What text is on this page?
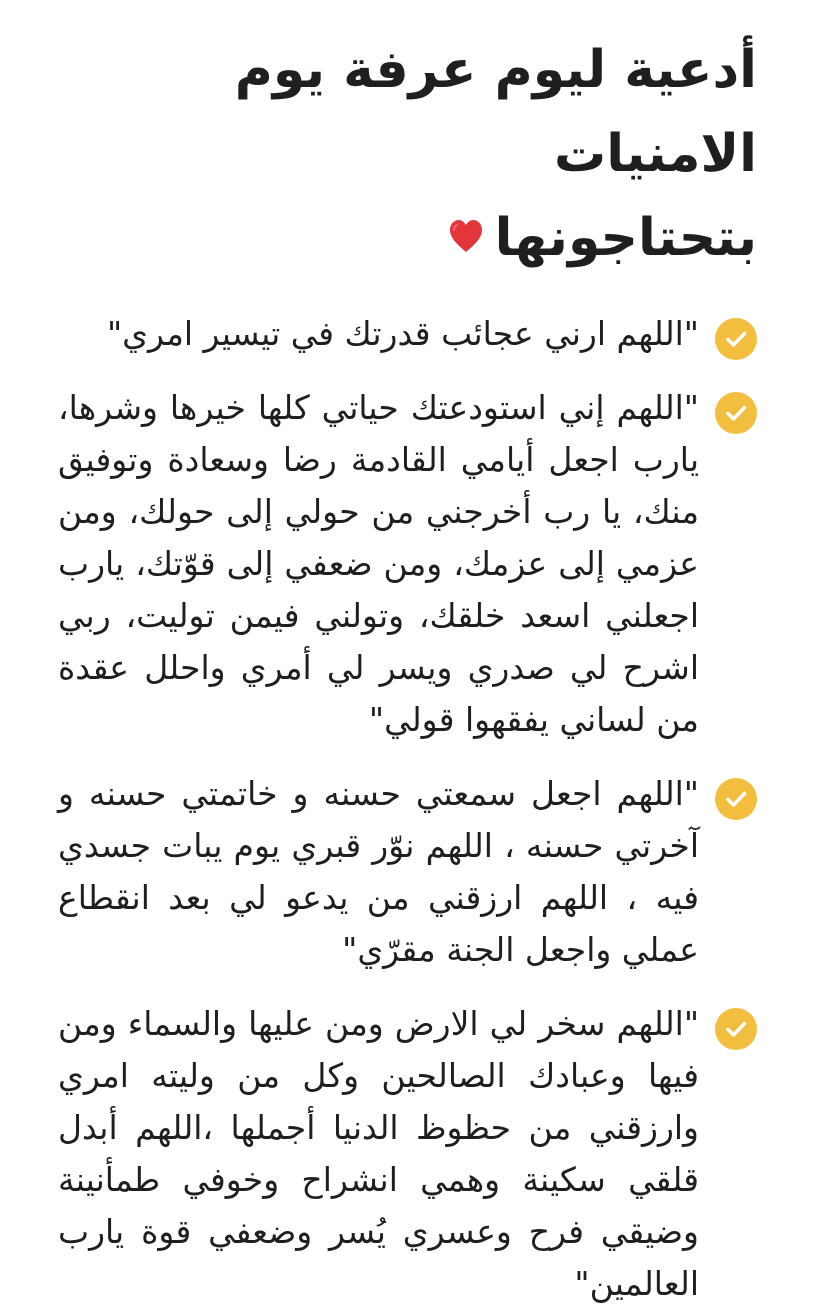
أدعية ليوم عرفة يوم الامنيات
بتحتاجونها
"اللهم ارني عجائب قدرتك في تيسير امري"
"اللهم إني استودعتك حياتي كلها خيرها وشرها، يارب اجعل أيامي القادمة رضا وسعادة وتوفيق منك، يا رب أخرجني من حولي إلى حولك، ومن عزمي إلى عزمك، ومن ضعفي إلى قوّتك، يارب اجعلني اسعد خلقك، وتولني فيمن توليت، ربي اشرح لي صدري ويسر لي أمري واحلل عقدة من لساني يفقهوا قولي"
"اللهم اجعل سمعتي حسنه و خاتمتي حسنه و آخرتي حسنه ، اللهم نوّر قبري يوم يبات جسدي فيه ، اللهم ارزقني من يدعو لي بعد انقطاع عملي واجعل الجنة مقرّي"
"اللهم سخر لي الارض ومن عليها والسماء ومن فيها وعبادك الصالحين وكل من وليته امري وارزقني من حظوظ الدنيا أجملها ،اللهم أبدل قلقي سكينة وهمي انشراح وخوفي طمأنينة وضيقي فرح وعسري يُسر وضعفي قوة يارب العالمين"
